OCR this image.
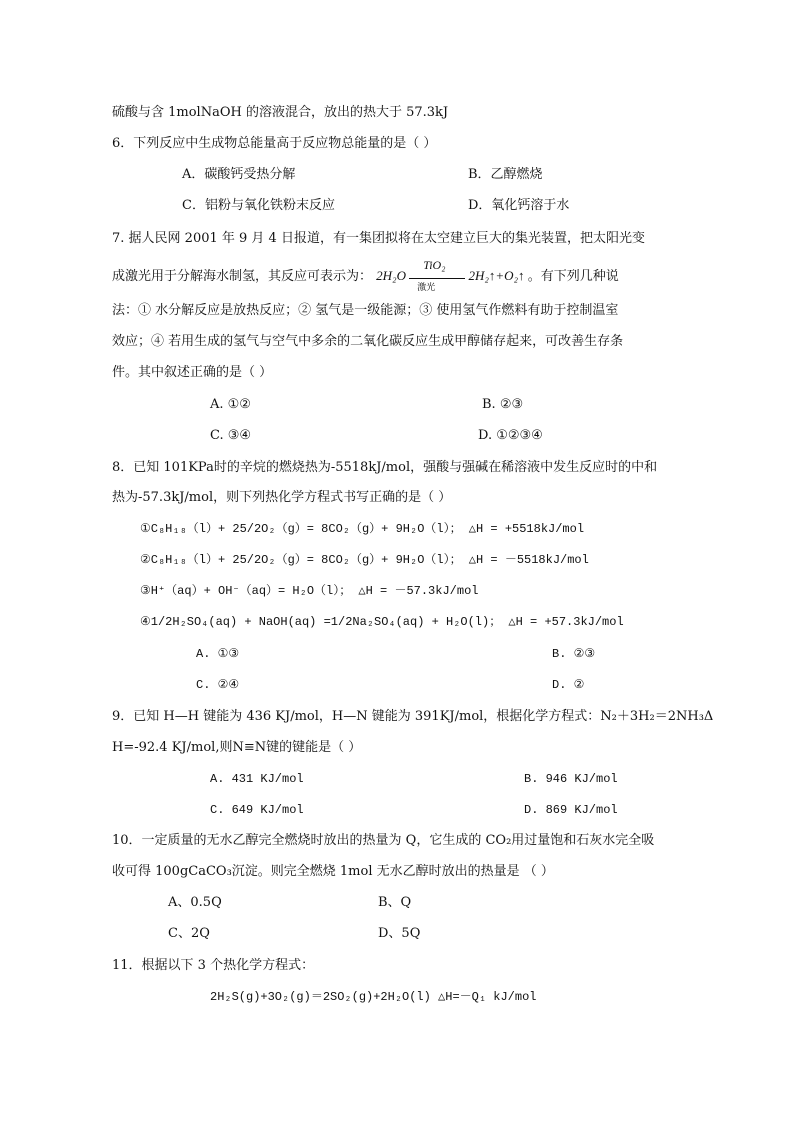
硫酸与含 1molNaOH 的溶液混合，放出的热大于 57.3kJ
6．下列反应中生成物总能量高于反应物总能量的是（ ）
A．碳酸钙受热分解	B．乙醇燃烧
C．铝粉与氧化铁粉末反应	D．氧化钙溶于水
7. 据人民网 2001 年 9 月 4 日报道，有一集团拟将在太空建立巨大的集光装置，把太阳光变
成激光用于分解海水制氢，其反应可表示为： $2H_2O \frac{\text{TiO₂}}{\text{激光}}$ 2H₂↑+O₂↑ 。有下列几种说
法：① 水分解反应是放热反应；② 氢气是一级能源；③ 使用氢气作燃料有助于控制温室
效应；④ 若用生成的氢气与空气中多余的二氧化碳反应生成甲醇储存起来，可改善生存条
件。其中叙述正确的是（ ）
A. ①②	B. ②③
C. ③④	D. ①②③④
8．已知 101KPa时的辛烷的燃烧热为-5518kJ/mol，强酸与强碱在稀溶液中发生反应时的中和
热为-57.3kJ/mol，则下列热化学方程式书写正确的是（ ）
①C₈H₁₈（l）+ 25/2O₂（g）= 8CO₂（g）+ 9H₂O（l）； △H = +5518kJ/mol
②C₈H₁₈（l）+ 25/2O₂（g）= 8CO₂（g）+ 9H₂O（l）； △H = －5518kJ/mol
③H⁺（aq）+ OH⁻（aq）= H₂O（l）； △H = －57.3kJ/mol
④1/2H₂SO₄(aq) + NaOH(aq) =1/2Na₂SO₄(aq) + H₂O(l)； △H = +57.3kJ/mol
A. ①③	B. ②③
C. ②④	D. ②
9．已知 H—H 键能为 436 KJ/mol，H—N 键能为 391KJ/mol，根据化学方程式：N₂＋3H₂＝2NH₃Δ
H=-92.4 KJ/mol,则N≡N键的键能是（ ）
A. 431 KJ/mol	B. 946 KJ/mol
C. 649 KJ/mol	D. 869 KJ/mol
10．一定质量的无水乙醇完全燃烧时放出的热量为 Q，它生成的 CO₂用过量饱和石灰水完全吸
收可得 100gCaCO₃沉淀。则完全燃烧 1mol 无水乙醇时放出的热量是 （ ）
A、0.5Q	B、Q
C、2Q	D、5Q
11．根据以下 3 个热化学方程式：
2H₂S(g)+3O₂(g)＝2SO₂(g)+2H₂O(l) △H=－Q₁ kJ/mol
